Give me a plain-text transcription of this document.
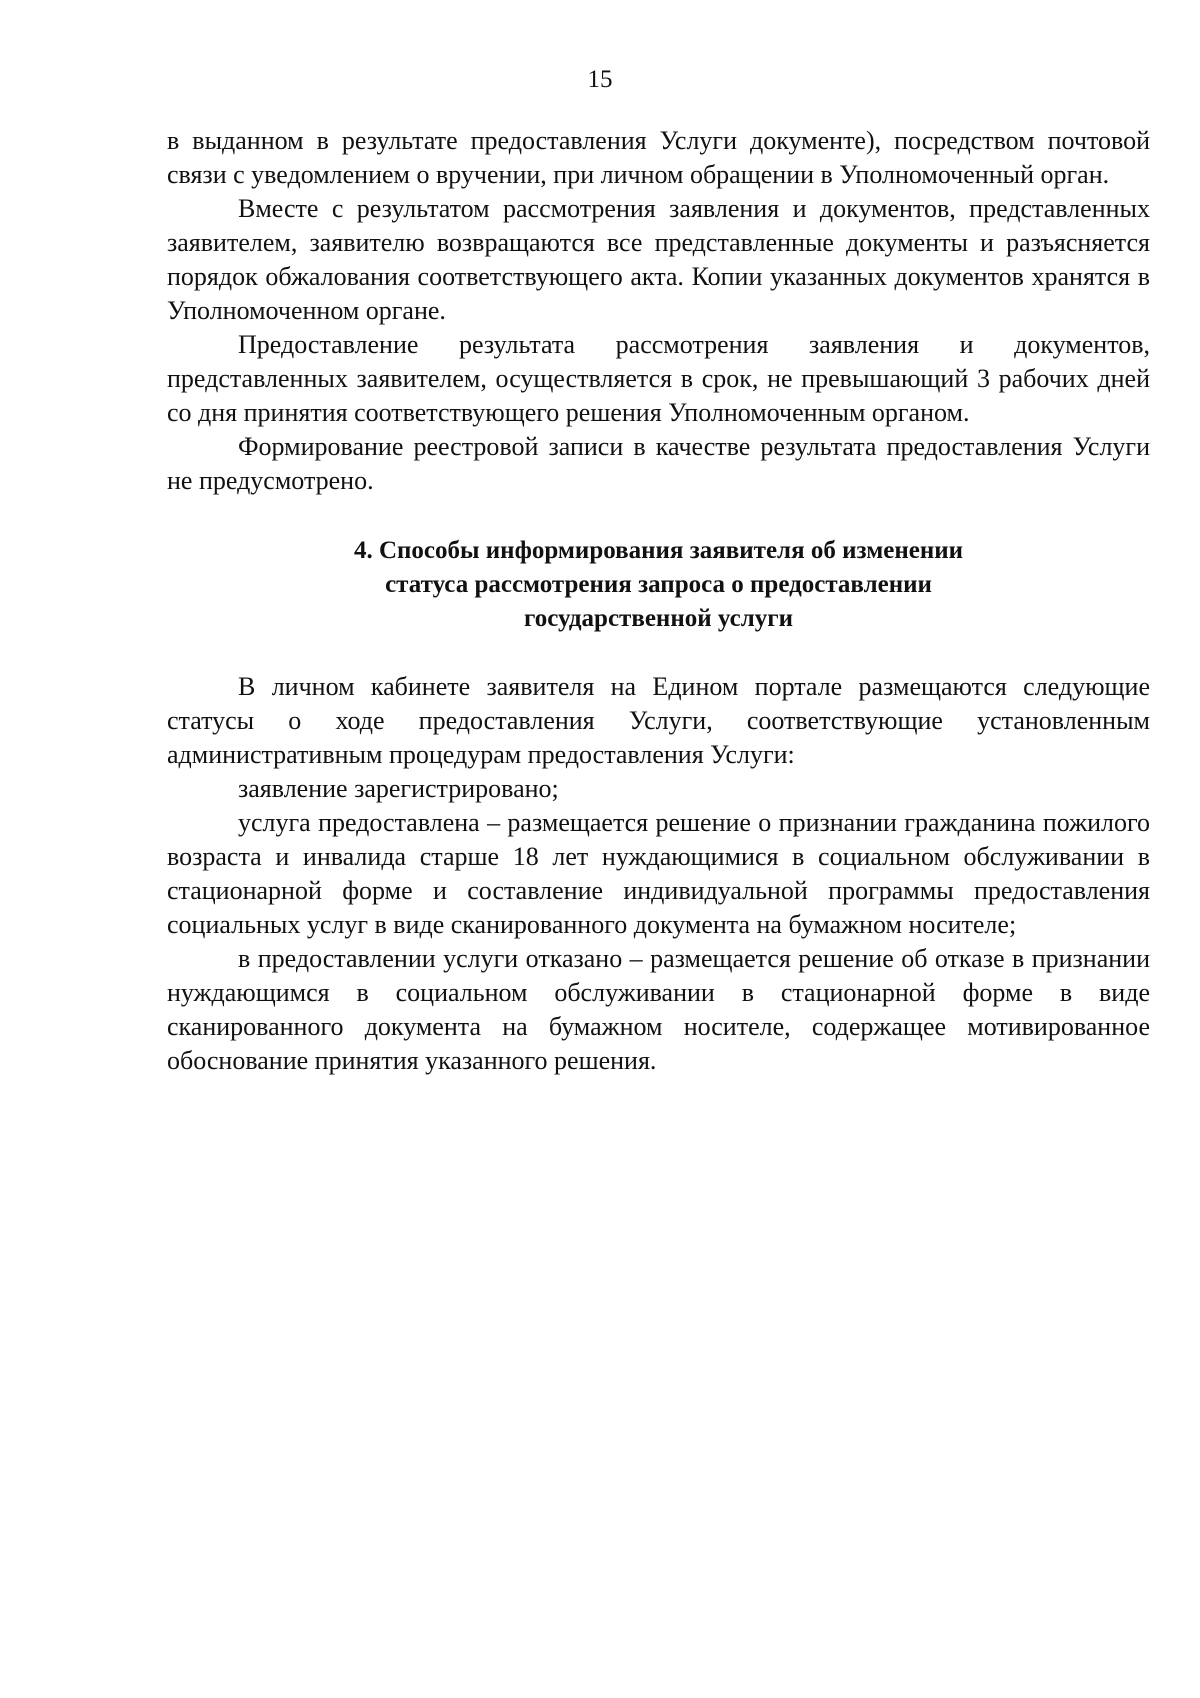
15

в выданном в результате предоставления Услуги документе), посредством почтовой связи с уведомлением о вручении, при личном обращении в Уполномоченный орган.

Вместе с результатом рассмотрения заявления и документов, представленных заявителем, заявителю возвращаются все представленные документы и разъясняется порядок обжалования соответствующего акта. Копии указанных документов хранятся в Уполномоченном органе.

Предоставление результата рассмотрения заявления и документов, представленных заявителем, осуществляется в срок, не превышающий 3 рабочих дней со дня принятия соответствующего решения Уполномоченным органом.

Формирование реестровой записи в качестве результата предоставления Услуги не предусмотрено.

4. Способы информирования заявителя об изменении
статуса рассмотрения запроса о предоставлении
государственной услуги

В личном кабинете заявителя на Едином портале размещаются следующие статусы о ходе предоставления Услуги, соответствующие установленным административным процедурам предоставления Услуги:

заявление зарегистрировано;

услуга предоставлена – размещается решение о признании гражданина пожилого возраста и инвалида старше 18 лет нуждающимися в социальном обслуживании в стационарной форме и составление индивидуальной программы предоставления социальных услуг в виде сканированного документа на бумажном носителе;

в предоставлении услуги отказано – размещается решение об отказе в признании нуждающимся в социальном обслуживании в стационарной форме в виде сканированного документа на бумажном носителе, содержащее мотивированное обоснование принятия указанного решения.
